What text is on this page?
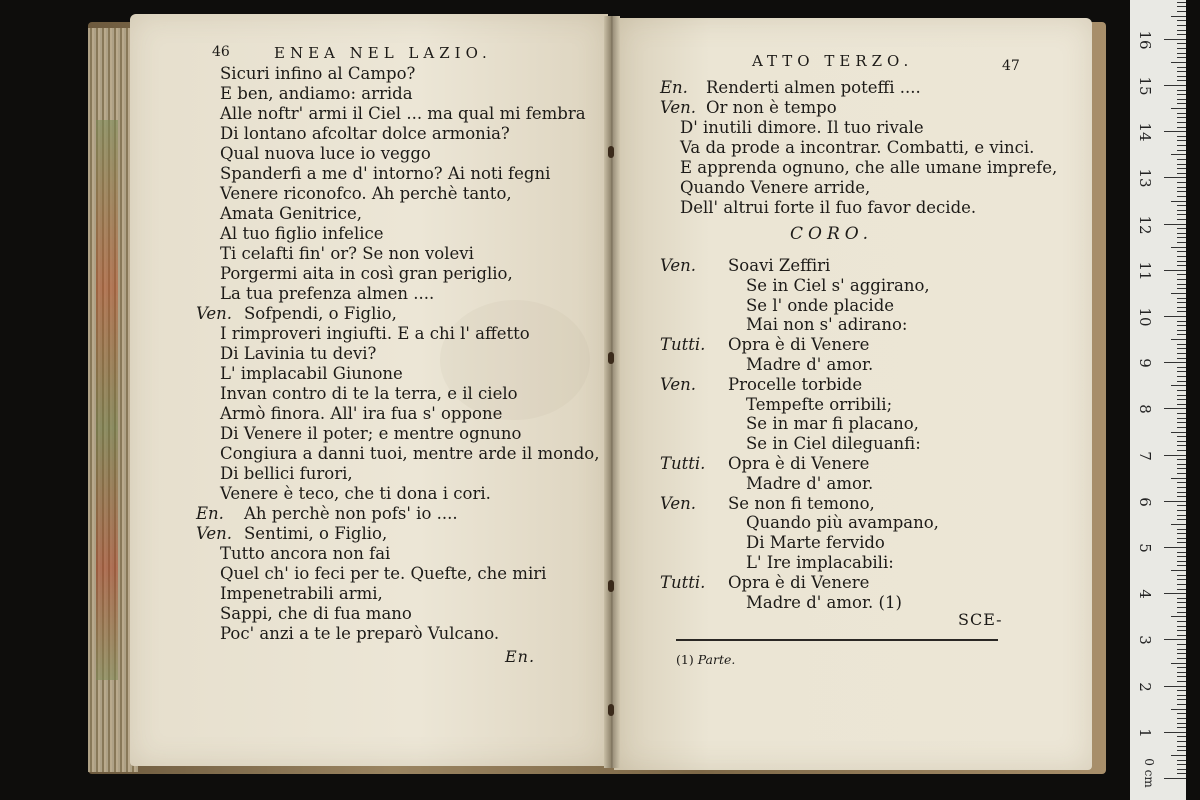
46	ENEA NEL LAZIO.
Sicuri infino al Campo?
E ben, andiamo: arrida
Alle noftr' armi il Ciel ... ma qual mi fembra
Di lontano afcoltar dolce armonia?
Qual nuova luce io veggo
Spanderfi a me d' intorno? Ai noti fegni
Venere riconofco. Ah perchè tanto,
Amata Genitrice,
Al tuo figlio infelice
Ti celafti fin' or? Se non volevi
Porgermi aita in così gran periglio,
La tua prefenza almen ....
Ven. Sofpendi, o Figlio,
I rimproveri ingiufti. E a chi l' affetto
Di Lavinia tu devi?
L' implacabil Giunone
Invan contro di te la terra, e il cielo
Armò finora. All' ira fua s' oppone
Di Venere il poter; e mentre ognuno
Congiura a danni tuoi, mentre arde il mondo,
Di bellici furori,
Venere è teco, che ti dona i cori.
En. Ah perchè non pofs' io ....
Ven. Sentimi, o Figlio,
Tutto ancora non fai
Quel ch' io feci per te. Quefte, che miri
Impenetrabili armi,
Sappi, che di fua mano
Poc' anzi a te le preparò Vulcano.
En.
ATTO TERZO.	47
En. Renderti almen poteffi ....
Ven. Or non è tempo
D' inutili dimore. Il tuo rivale
Va da prode a incontrar. Combatti, e vinci.
E apprenda ognuno, che alle umane imprefe,
Quando Venere arride,
Dell' altrui forte il fuo favor decide.
CORO.
Ven. Soavi Zeffiri
Se in Ciel s' aggirano,
Se l' onde placide
Mai non s' adirano:
Tutti. Opra è di Venere
Madre d' amor.
Ven. Procelle torbide
Tempefte orribili;
Se in mar fi placano,
Se in Ciel dileguanfi:
Tutti. Opra è di Venere
Madre d' amor.
Ven. Se non fi temono,
Quando più avampano,
Di Marte fervido
L' Ire implacabili:
Tutti. Opra è di Venere
Madre d' amor. (1)
SCE-
(1) Parte.
0 cm
1
2
3
4
5
6
7
8
9
10
11
12
13
14
15
16
